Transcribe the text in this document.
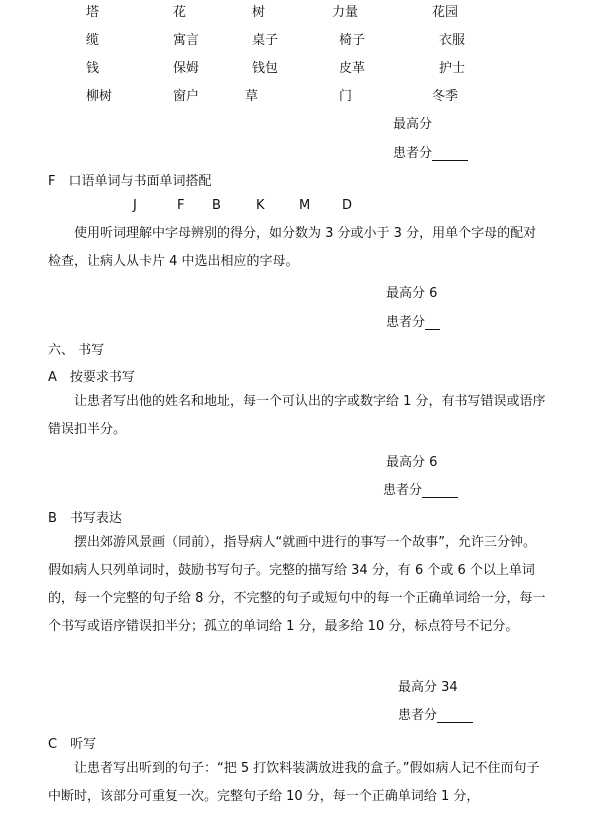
塔	花	树	力量	花园
缆	寓言	桌子	椅子	衣服
钱	保姆	钱包	皮革	护士
柳树	窗户	草	门	冬季
最高分
患者分
F　口语单词与书面单词搭配
J	F B	K	M D
使用听词理解中字母辨别的得分，如分数为 3 分或小于 3 分，用单个字母的配对检查，让病人从卡片 4 中选出相应的字母。
最高分 6
患者分
六、 书写
A　按要求书写
让患者写出他的姓名和地址，每一个可认出的字或数字给 1 分，有书写错误或语序错误扣半分。
最高分 6
患者分
B　书写表达
摆出郊游风景画（同前），指导病人“就画中进行的事写一个故事”，允许三分钟。假如病人只列单词时，鼓励书写句子。完整的描写给 34 分，有 6 个或 6 个以上单词的，每一个完整的句子给 8 分，不完整的句子或短句中的每一个正确单词给一分，每一个书写或语序错误扣半分；孤立的单词给 1 分，最多给 10 分，标点符号不记分。
最高分 34
患者分
C　听写
让患者写出听到的句子：“把 5 打饮料装满放进我的盒子。”假如病人记不住而句子中断时，该部分可重复一次。完整句子给 10 分，每一个正确单词给 1 分，
